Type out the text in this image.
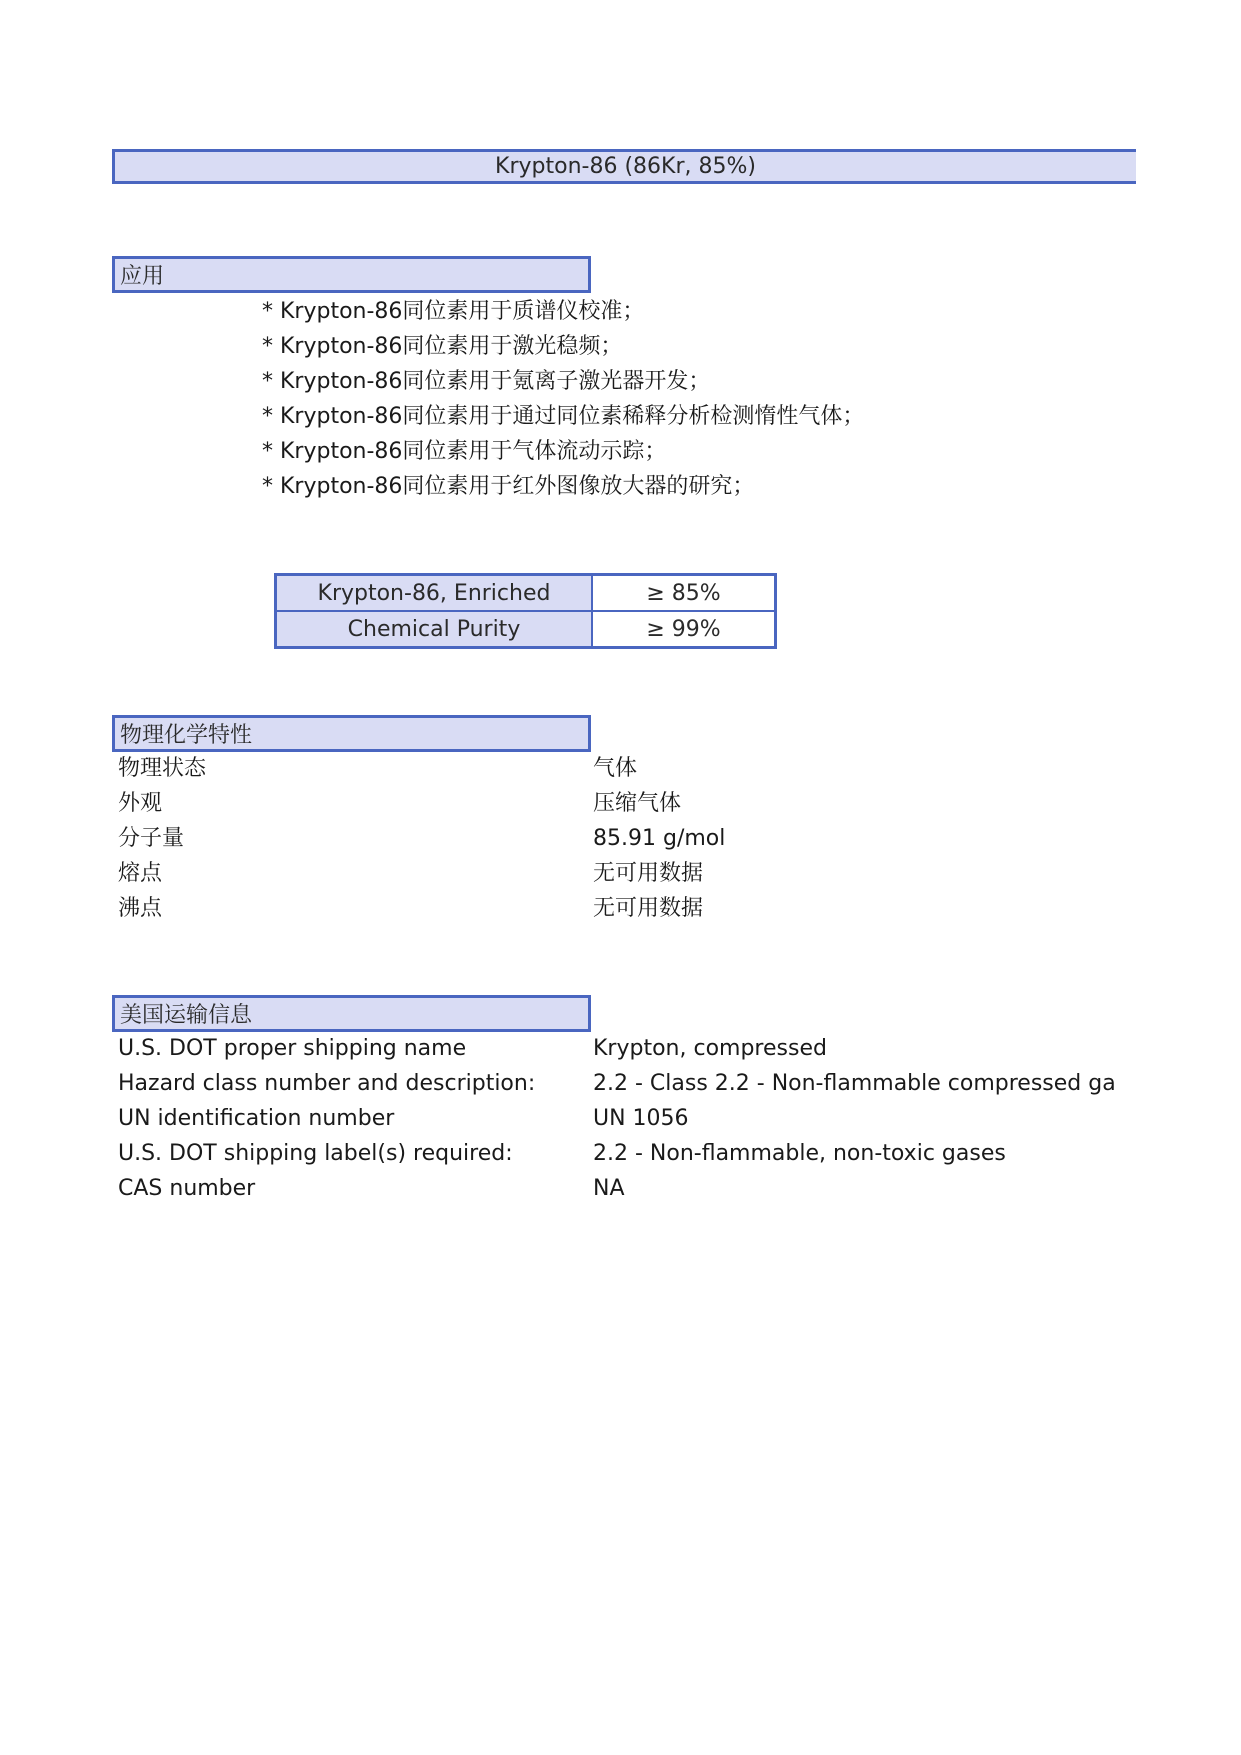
Krypton-86 (86Kr, 85%)
应用
* Krypton-86同位素用于质谱仪校准；
* Krypton-86同位素用于激光稳频；
* Krypton-86同位素用于氪离子激光器开发；
* Krypton-86同位素用于通过同位素稀释分析检测惰性气体；
* Krypton-86同位素用于气体流动示踪；
* Krypton-86同位素用于红外图像放大器的研究；
Krypton-86, Enriched	≥ 85%
Chemical Purity	≥ 99%
物理化学特性
物理状态	气体
外观	压缩气体
分子量	85.91 g/mol
熔点	无可用数据
沸点	无可用数据
美国运输信息
U.S. DOT proper shipping name	Krypton, compressed
Hazard class number and description:	2.2 - Class 2.2 - Non-flammable compressed ga
UN identification number	UN 1056
U.S. DOT shipping label(s) required:	2.2 - Non-flammable, non-toxic gases
CAS number	NA
